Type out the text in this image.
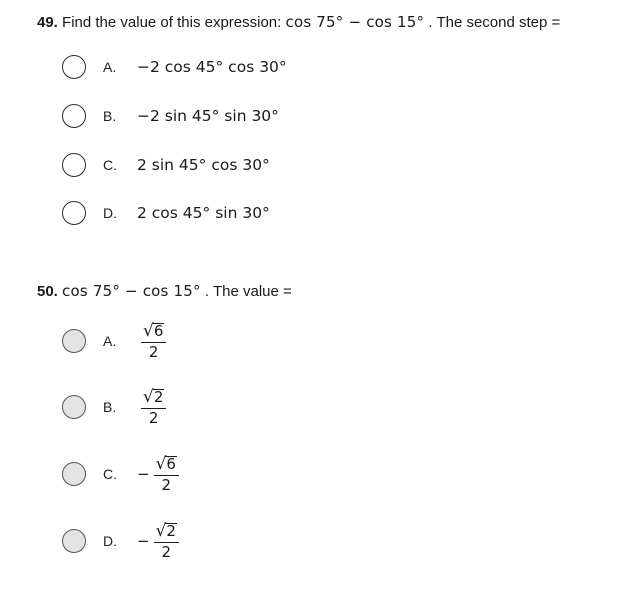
49. Find the value of this expression: cos 75° − cos 15° . The second step =
A.	−2 cos 45° cos 30°
B.	−2 sin 45° sin 30°
C.	2 sin 45° cos 30°
D.	2 cos 45° sin 30°
50. cos 75° − cos 15° . The value =
A.	$\frac{√ 6}{2}$
B.	$\frac{√ 2}{2}$
C.	− $\frac{√ 6}{2}$
D.	− $\frac{√ 2}{2}$
